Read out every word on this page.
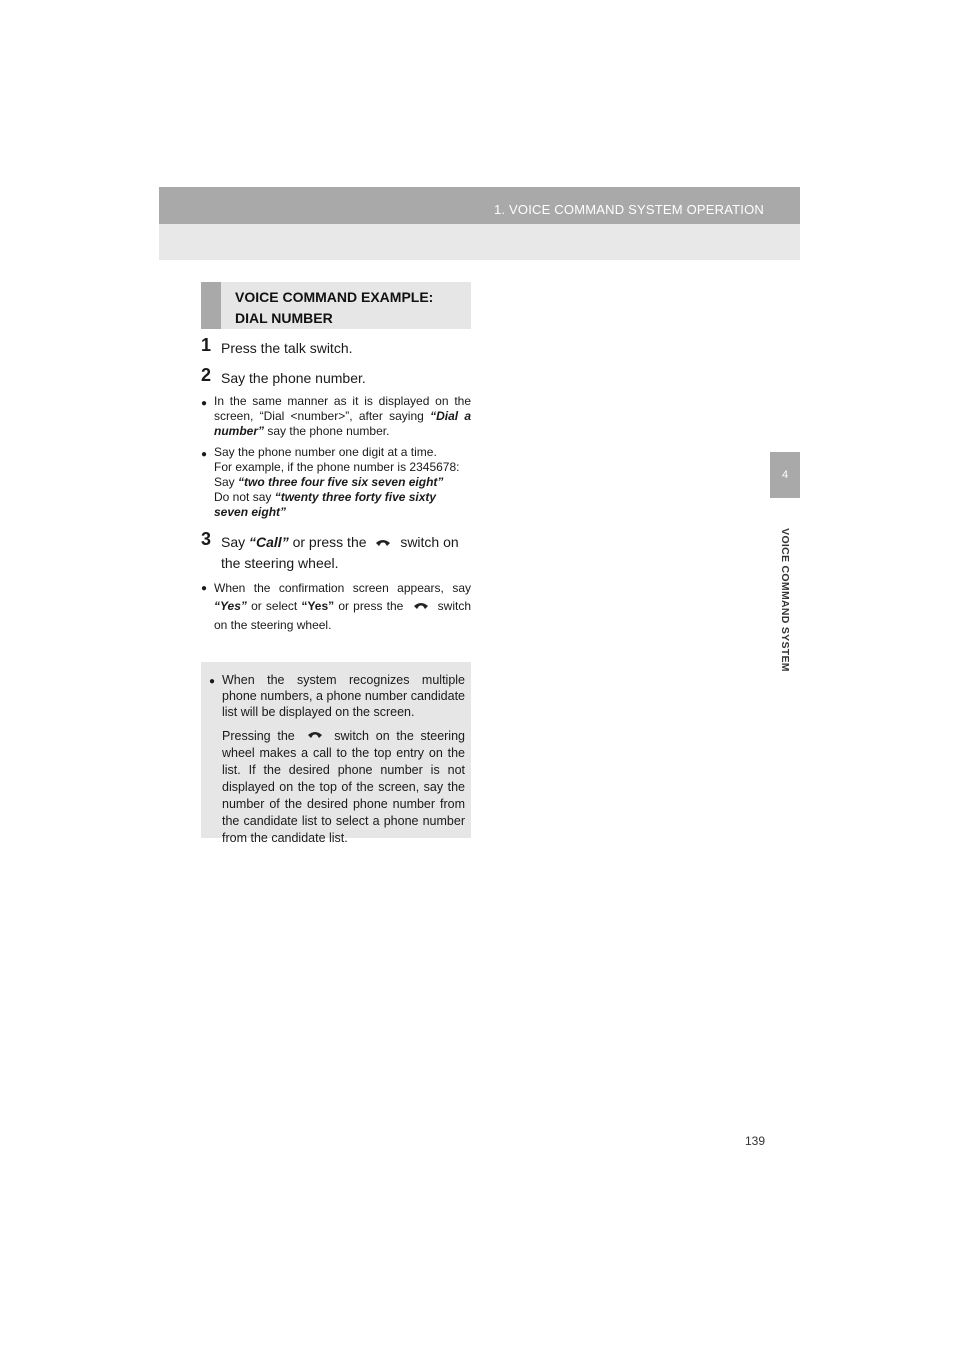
1. VOICE COMMAND SYSTEM OPERATION
4
VOICE COMMAND SYSTEM
VOICE COMMAND EXAMPLE:
DIAL NUMBER
1 Press the talk switch.
2 Say the phone number.
● In the same manner as it is displayed on the screen, “Dial <number>”, after saying “Dial a number” say the phone number.
● Say the phone number one digit at a time.
For example, if the phone number is 2345678:
Say “two three four five six seven eight”
Do not say “twenty three forty five sixty seven eight”
3 Say “Call” or press the switch on the steering wheel.
● When the confirmation screen appears, say “Yes” or select “Yes” or press the	switch on the steering wheel.
● When the system recognizes multiple phone numbers, a phone number candidate list will be displayed on the screen.
Pressing the	switch on the steering wheel makes a call to the top entry on the list. If the desired phone number is not displayed on the top of the screen, say the number of the desired phone number from the candidate list to select a phone number from the candidate list.
139
